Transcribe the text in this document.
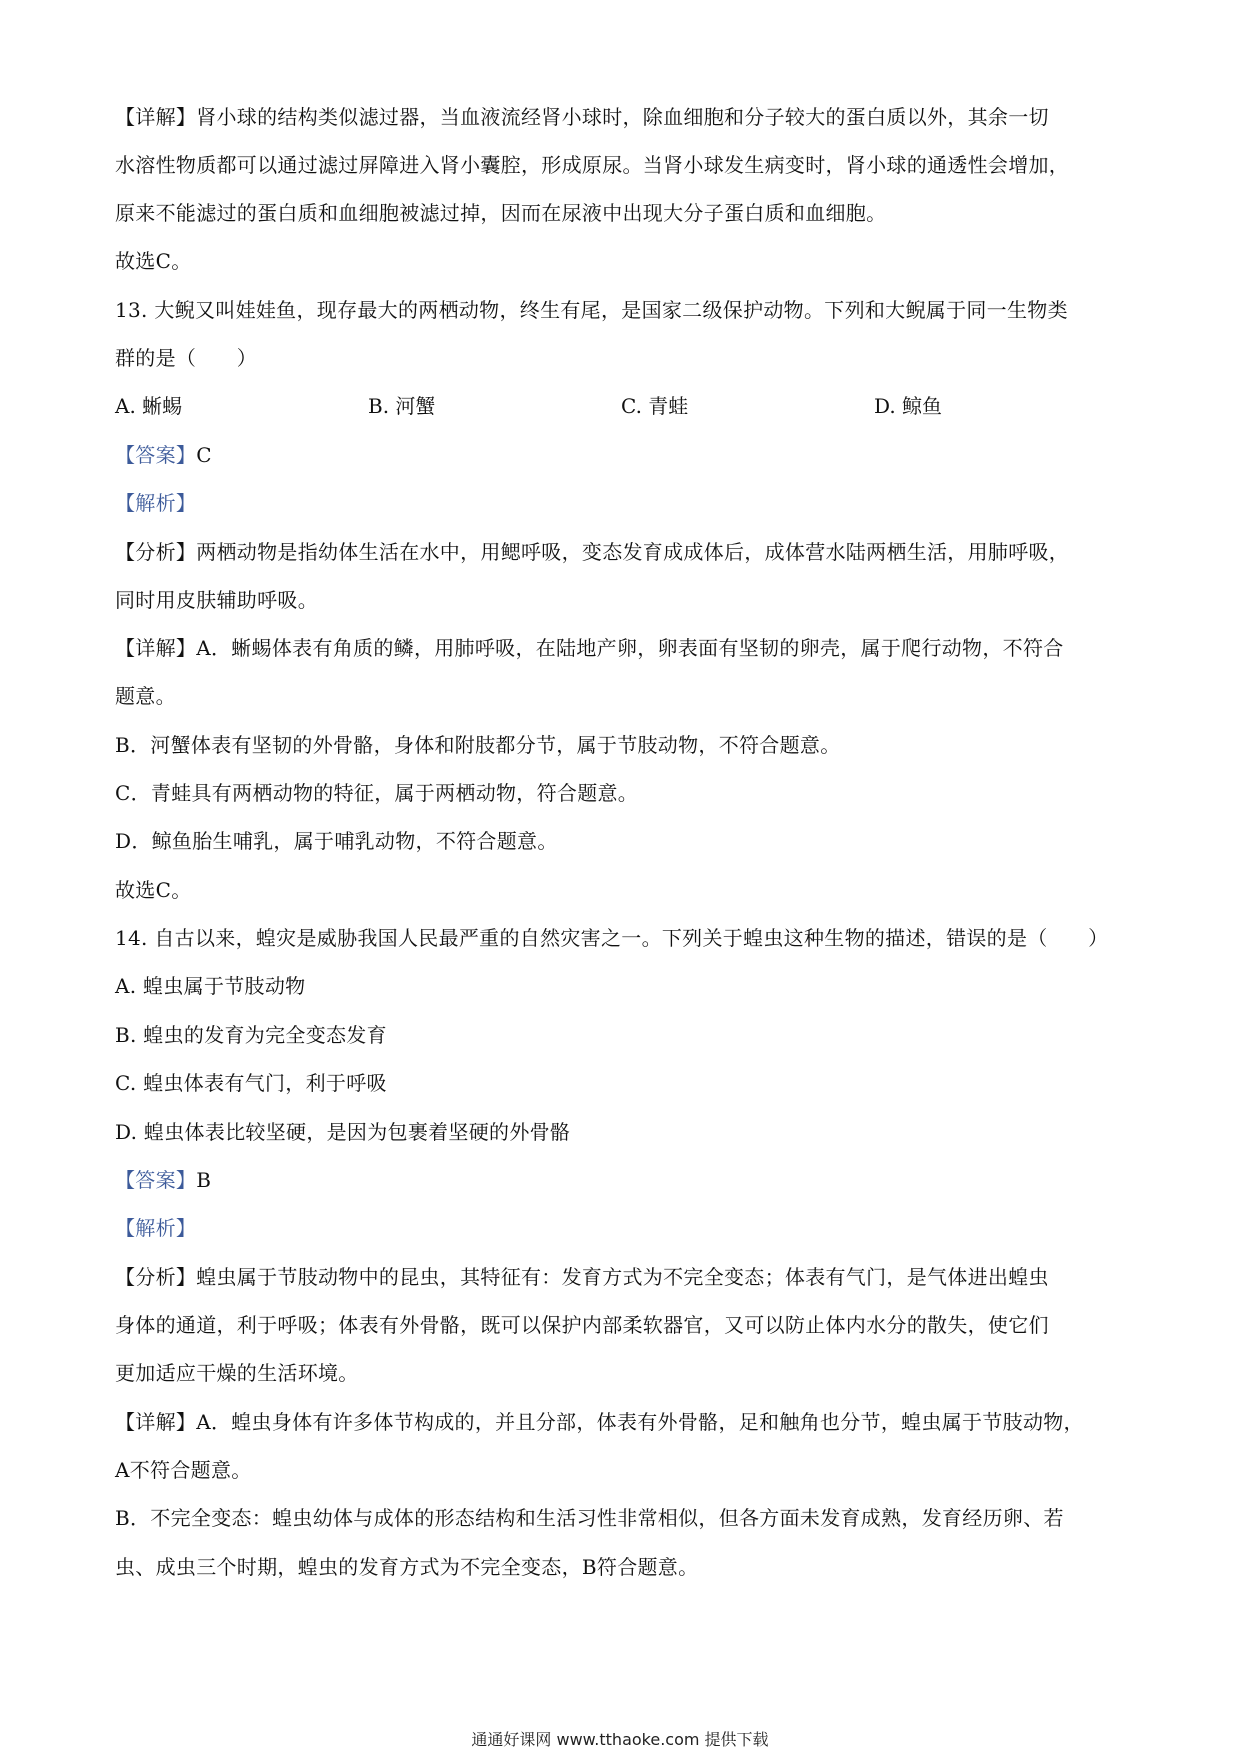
【详解】肾小球的结构类似滤过器，当血液流经肾小球时，除血细胞和分子较大的蛋白质以外，其余一切
水溶性物质都可以通过滤过屏障进入肾小囊腔，形成原尿。当肾小球发生病变时，肾小球的通透性会增加，
原来不能滤过的蛋白质和血细胞被滤过掉，因而在尿液中出现大分子蛋白质和血细胞。
故选C。
13. 大鲵又叫娃娃鱼，现存最大的两栖动物，终生有尾，是国家二级保护动物。下列和大鲵属于同一生物类
群的是（　　）
A. 蜥蜴	B. 河蟹	C. 青蛙	D. 鲸鱼
【答案】C
【解析】
【分析】两栖动物是指幼体生活在水中，用鳃呼吸，变态发育成成体后，成体营水陆两栖生活，用肺呼吸，
同时用皮肤辅助呼吸。
【详解】A．蜥蜴体表有角质的鳞，用肺呼吸，在陆地产卵，卵表面有坚韧的卵壳，属于爬行动物，不符合
题意。
B．河蟹体表有坚韧的外骨骼，身体和附肢都分节，属于节肢动物，不符合题意。
C．青蛙具有两栖动物的特征，属于两栖动物，符合题意。
D．鲸鱼胎生哺乳，属于哺乳动物，不符合题意。
故选C。
14. 自古以来，蝗灾是威胁我国人民最严重的自然灾害之一。下列关于蝗虫这种生物的描述，错误的是（　　）
A. 蝗虫属于节肢动物
B. 蝗虫的发育为完全变态发育
C. 蝗虫体表有气门，利于呼吸
D. 蝗虫体表比较坚硬，是因为包裹着坚硬的外骨骼
【答案】B
【解析】
【分析】蝗虫属于节肢动物中的昆虫，其特征有：发育方式为不完全变态；体表有气门，是气体进出蝗虫
身体的通道，利于呼吸；体表有外骨骼，既可以保护内部柔软器官，又可以防止体内水分的散失，使它们
更加适应干燥的生活环境。
【详解】A．蝗虫身体有许多体节构成的，并且分部，体表有外骨骼，足和触角也分节，蝗虫属于节肢动物，
A不符合题意。
B．不完全变态：蝗虫幼体与成体的形态结构和生活习性非常相似，但各方面未发育成熟，发育经历卵、若
虫、成虫三个时期，蝗虫的发育方式为不完全变态，B符合题意。
通通好课网 www.tthaoke.com 提供下载
